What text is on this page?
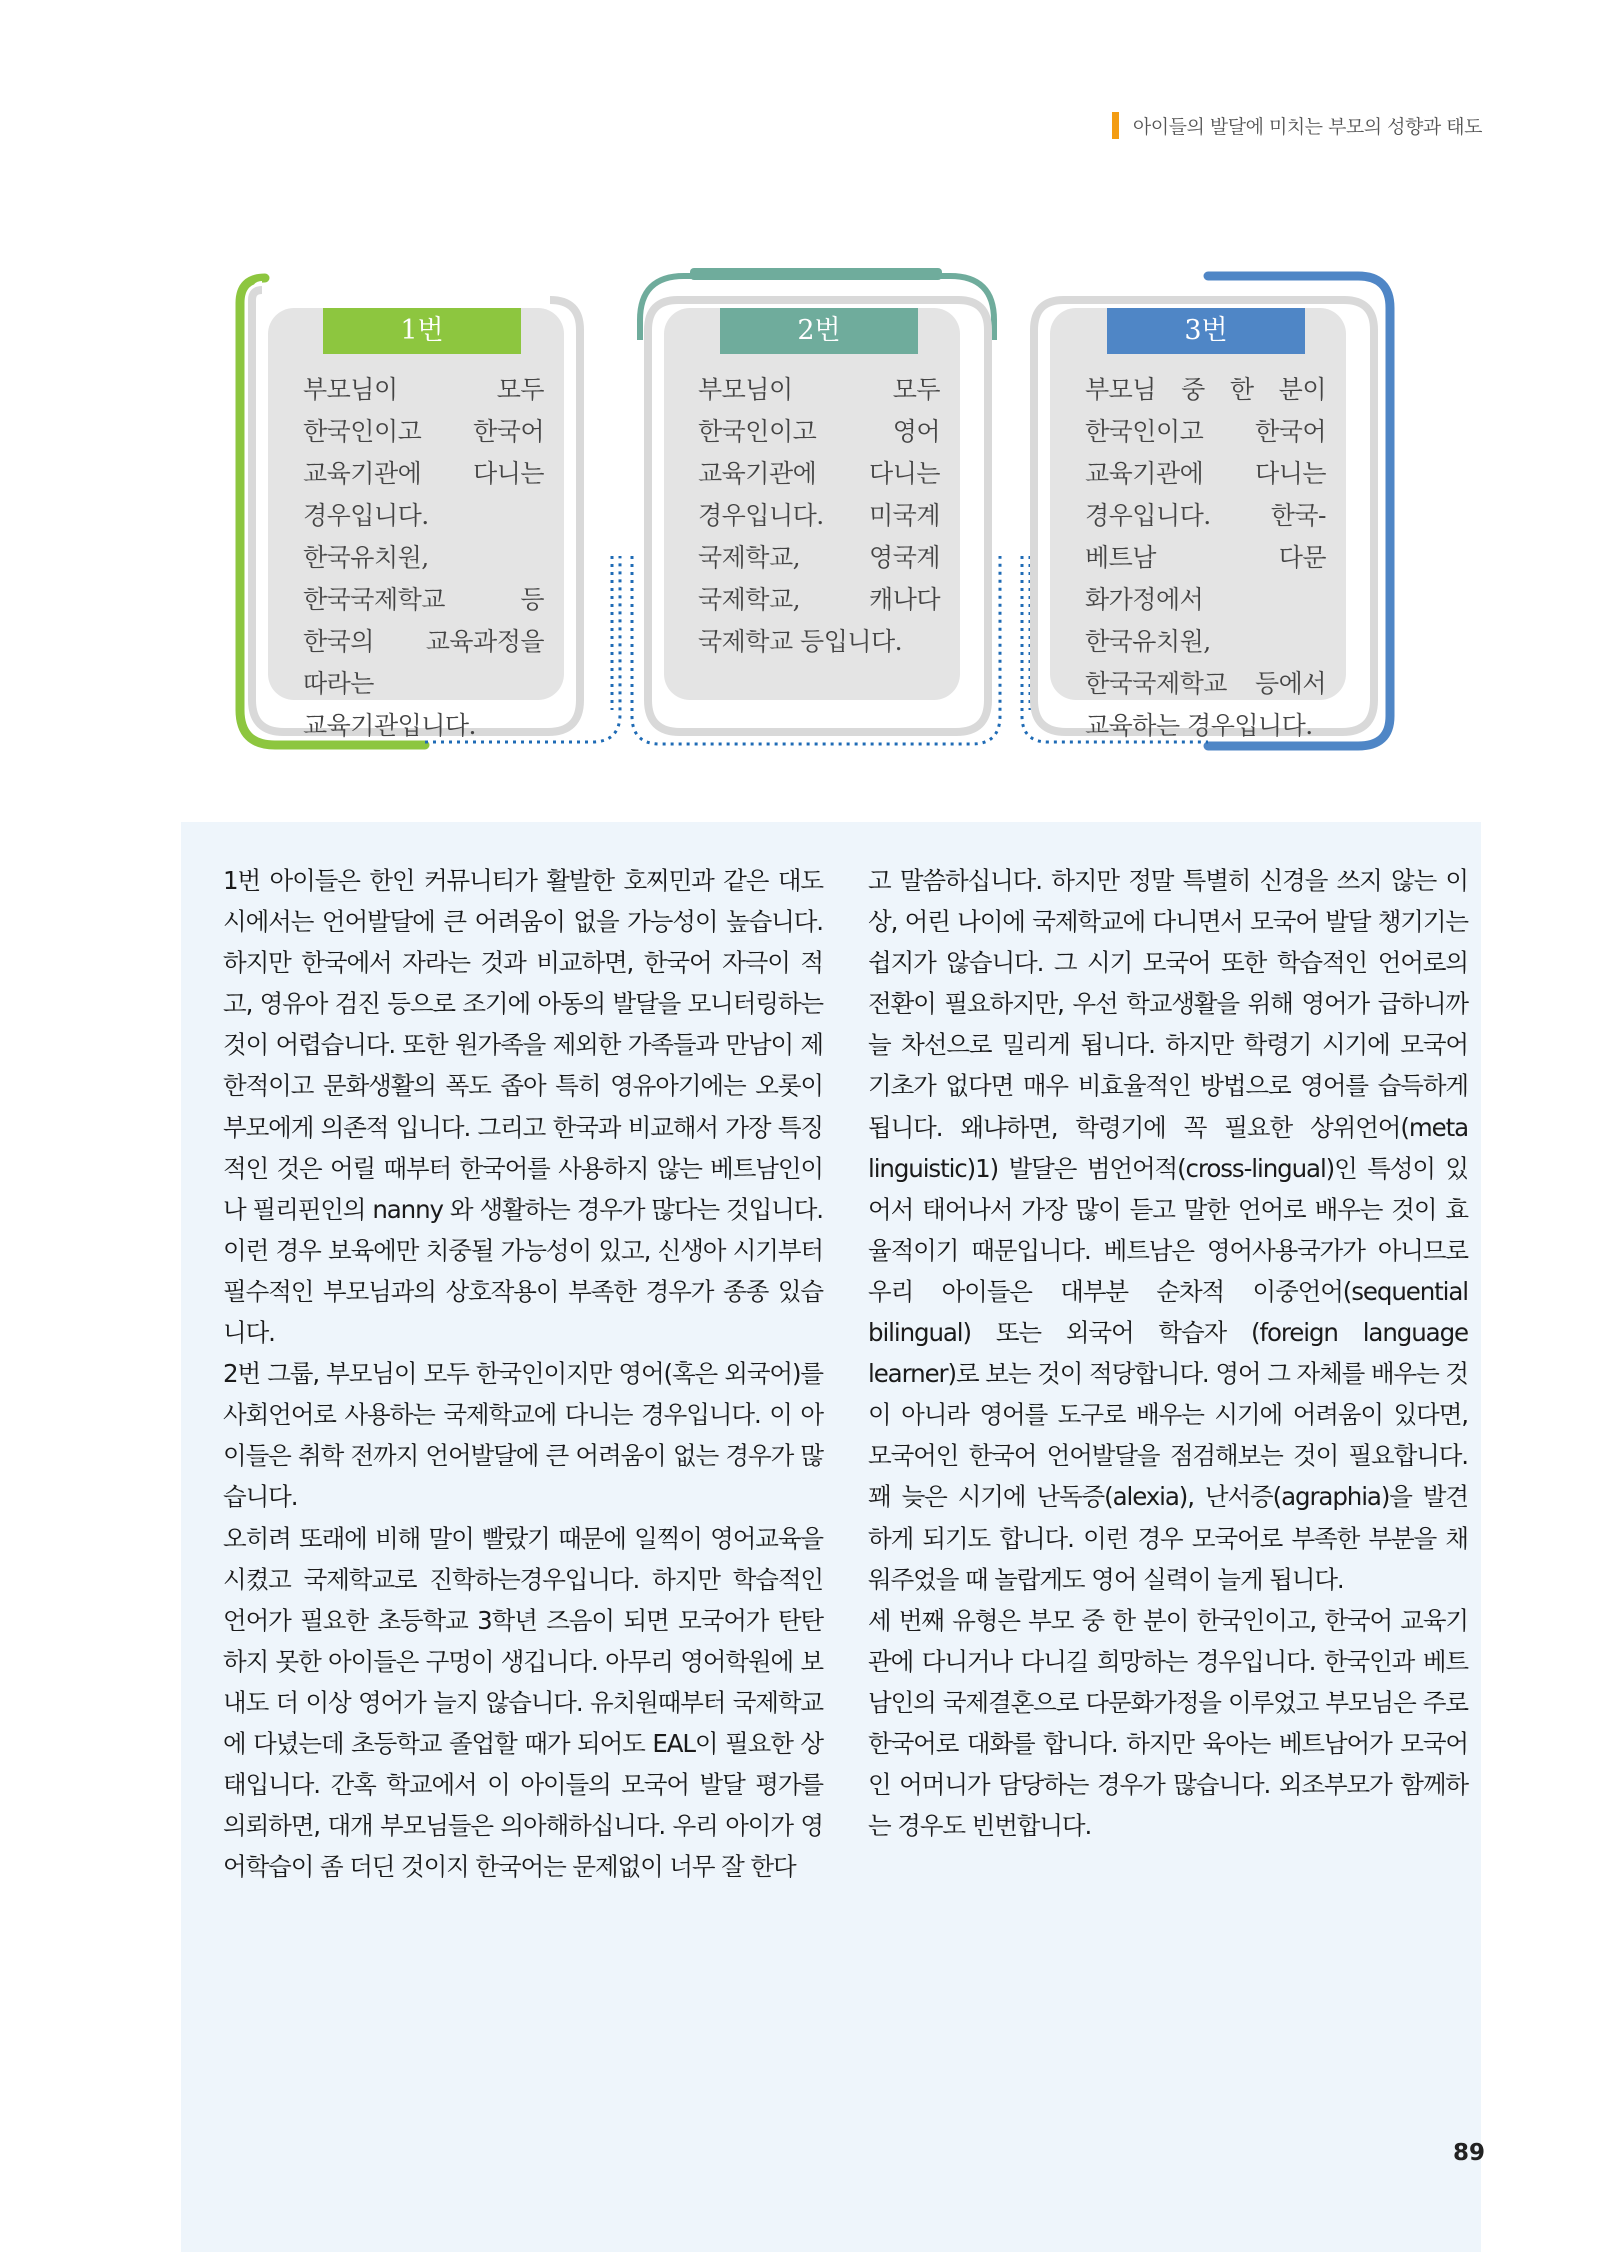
아이들의 발달에 미치는 부모의 성향과 태도
1번
부모님이 모두 한국인이고 한국어 교육기관에 다니는 경우입니다. 한국유치원, 한국국제학교 등 한국의 교육과정을 따라는 교육기관입니다.
2번
부모님이 모두 한국인이고 영어 교육기관에 다니는 경우입니다. 미국계 국제학교, 영국계 국제학교, 캐나다 국제학교 등입니다.
3번
부모님 중 한 분이 한국인이고 한국어 교육기관에 다니는 경우입니다. 한국-베트남 다문 화가정에서 한국유치원, 한국국제학교 등에서 교육하는 경우입니다.

1번 아이들은 한인 커뮤니티가 활발한 호찌민과 같은 대도시에서는 언어발달에 큰 어려움이 없을 가능성이 높습니다. 하지만 한국에서 자라는 것과 비교하면, 한국어 자극이 적고, 영유아 검진 등으로 조기에 아동의 발달을 모니터링하는 것이 어렵습니다. 또한 원가족을 제외한 가족들과 만남이 제한적이고 문화생활의 폭도 좁아 특히 영유아기에는 오롯이 부모에게 의존적 입니다. 그리고 한국과 비교해서 가장 특징적인 것은 어릴 때부터 한국어를 사용하지 않는 베트남인이나 필리핀인의 nanny 와 생활하는 경우가 많다는 것입니다. 이런 경우 보육에만 치중될 가능성이 있고, 신생아 시기부터 필수적인 부모님과의 상호작용이 부족한 경우가 종종 있습니다.

2번 그룹, 부모님이 모두 한국인이지만 영어(혹은 외국어)를 사회언어로 사용하는 국제학교에 다니는 경우입니다. 이 아이들은 취학 전까지 언어발달에 큰 어려움이 없는 경우가 많습니다.

오히려 또래에 비해 말이 빨랐기 때문에 일찍이 영어교육을 시켰고 국제학교로 진학하는경우입니다. 하지만 학습적인 언어가 필요한 초등학교 3학년 즈음이 되면 모국어가 탄탄하지 못한 아이들은 구멍이 생깁니다. 아무리 영어학원에 보내도 더 이상 영어가 늘지 않습니다. 유치원때부터 국제학교에 다녔는데 초등학교 졸업할 때가 되어도 EAL이 필요한 상태입니다. 간혹 학교에서 이 아이들의 모국어 발달 평가를 의뢰하면, 대개 부모님들은 의아해하십니다. 우리 아이가 영어학습이 좀 더딘 것이지 한국어는 문제없이 너무 잘 한다

고 말씀하십니다. 하지만 정말 특별히 신경을 쓰지 않는 이상, 어린 나이에 국제학교에 다니면서 모국어 발달 챙기기는 쉽지가 않습니다. 그 시기 모국어 또한 학습적인 언어로의 전환이 필요하지만, 우선 학교생활을 위해 영어가 급하니까 늘 차선으로 밀리게 됩니다. 하지만 학령기 시기에 모국어 기초가 없다면 매우 비효율적인 방법으로 영어를 습득하게 됩니다. 왜냐하면, 학령기에 꼭 필요한 상위언어(meta linguistic)1) 발달은 범언어적(cross-lingual)인 특성이 있어서 태어나서 가장 많이 듣고 말한 언어로 배우는 것이 효율적이기 때문입니다. 베트남은 영어사용국가가 아니므로 우리 아이들은 대부분 순차적 이중언어(sequential bilingual) 또는 외국어 학습자 (foreign language learner)로 보는 것이 적당합니다. 영어 그 자체를 배우는 것이 아니라 영어를 도구로 배우는 시기에 어려움이 있다면, 모국어인 한국어 언어발달을 점검해보는 것이 필요합니다. 꽤 늦은 시기에 난독증(alexia), 난서증(agraphia)을 발견하게 되기도 합니다. 이런 경우 모국어로 부족한 부분을 채워주었을 때 놀랍게도 영어 실력이 늘게 됩니다.

세 번째 유형은 부모 중 한 분이 한국인이고, 한국어 교육기관에 다니거나 다니길 희망하는 경우입니다. 한국인과 베트남인의 국제결혼으로 다문화가정을 이루었고 부모님은 주로 한국어로 대화를 합니다. 하지만 육아는 베트남어가 모국어인 어머니가 담당하는 경우가 많습니다. 외조부모가 함께하는 경우도 빈번합니다.

89
